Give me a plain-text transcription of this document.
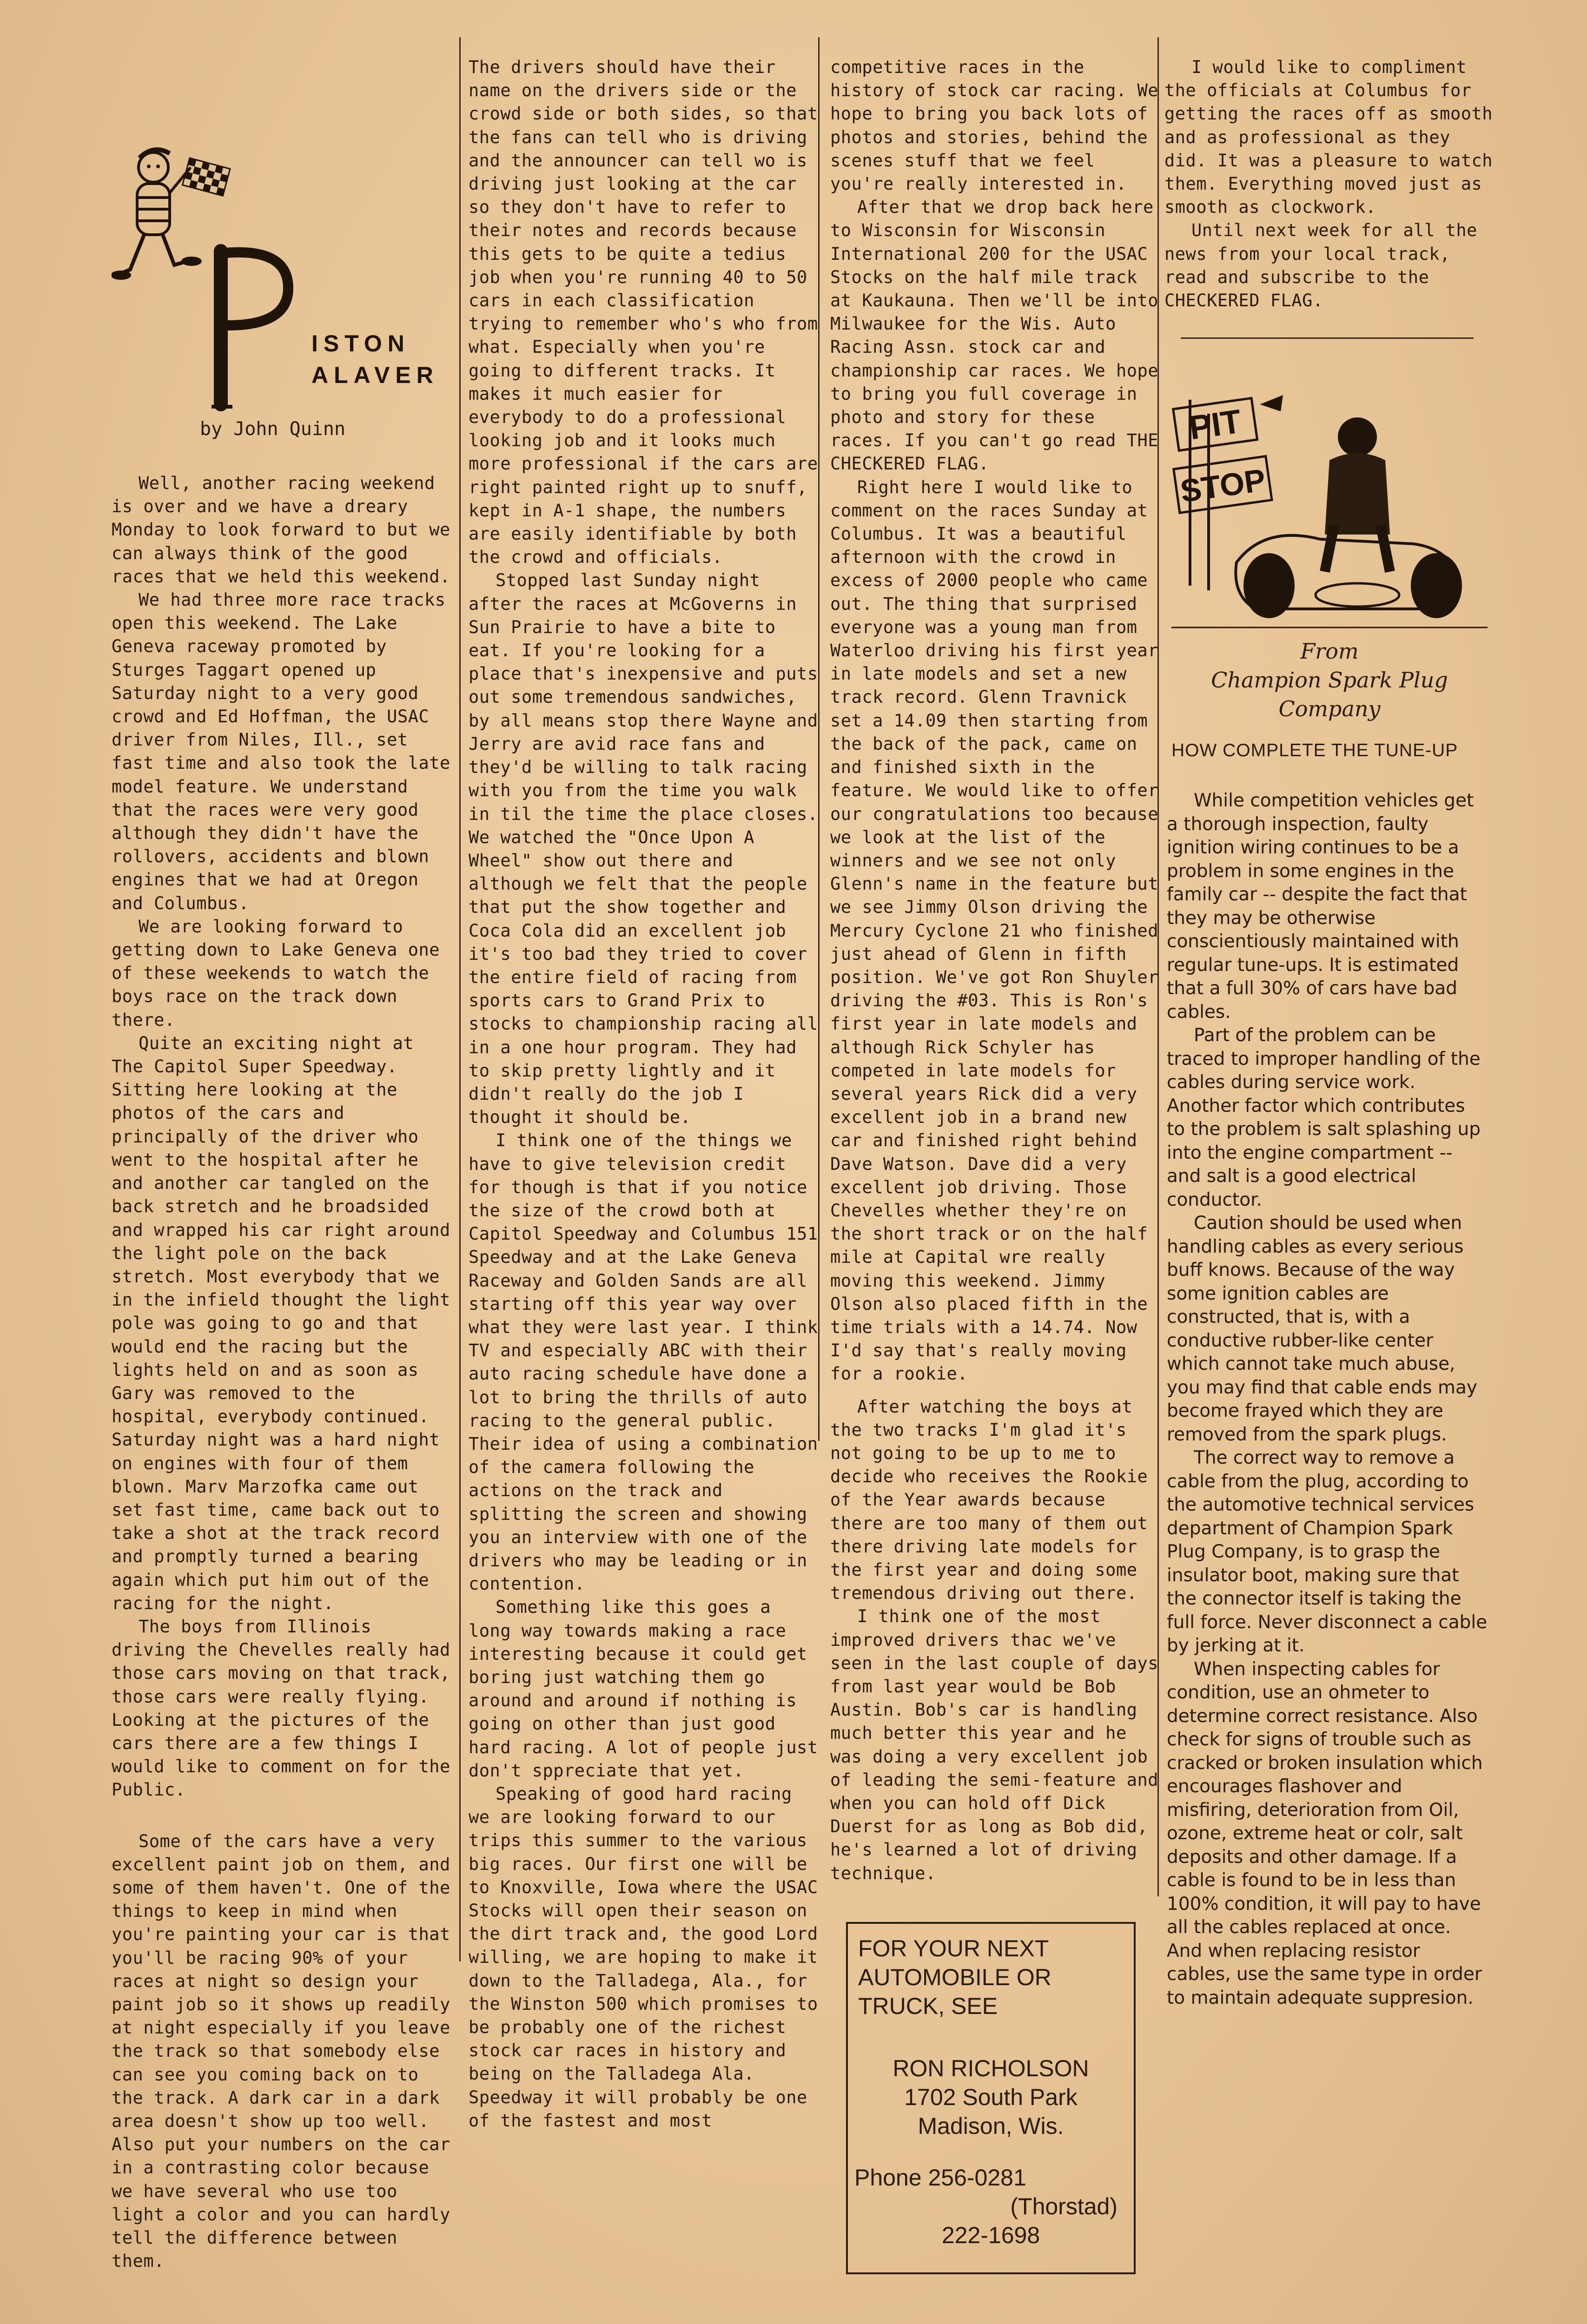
ISTON
ALAVER
by John Quinn

Well, another racing weekend is over and we have a dreary Monday to look forward to but we can always think of the good races that we held this weekend.

We had three more race tracks open this weekend. The Lake Geneva raceway promoted by Sturges Taggart opened up Saturday night to a very good crowd and Ed Hoffman, the USAC driver from Niles, Ill., set fast time and also took the late model feature. We understand that the races were very good although they didn't have the rollovers, accidents and blown engines that we had at Oregon and Columbus.

We are looking forward to getting down to Lake Geneva one of these weekends to watch the boys race on the track down there.

Quite an exciting night at The Capitol Super Speedway. Sitting here looking at the photos of the cars and principally of the driver who went to the hospital after he and another car tangled on the back stretch and he broadsided and wrapped his car right around the light pole on the back stretch. Most everybody that we in the infield thought the light pole was going to go and that would end the racing but the lights held on and as soon as Gary was removed to the hospital, everybody continued. Saturday night was a hard night on engines with four of them blown. Marv Marzofka came out set fast time, came back out to take a shot at the track record and promptly turned a bearing again which put him out of the racing for the night.

The boys from Illinois driving the Chevelles really had those cars moving on that track, those cars were really flying. Looking at the pictures of the cars there are a few things I would like to comment on for the Public.

Some of the cars have a very excellent paint job on them, and some of them haven't. One of the things to keep in mind when you're painting your car is that you'll be racing 90% of your races at night so design your paint job so it shows up readily at night especially if you leave the track so that somebody else can see you coming back on to the track. A dark car in a dark area doesn't show up too well. Also put your numbers on the car in a contrasting color because we have several who use too light a color and you can hardly tell the difference between them.

The drivers should have their name on the drivers side or the crowd side or both sides, so that the fans can tell who is driving and the announcer can tell wo is driving just looking at the car so they don't have to refer to their notes and records because this gets to be quite a tedius job when you're running 40 to 50 cars in each classification trying to remember who's who from what. Especially when you're going to different tracks. It makes it much easier for everybody to do a professional looking job and it looks much more professional if the cars are right painted right up to snuff, kept in A-1 shape, the numbers are easily identifiable by both the crowd and officials.

Stopped last Sunday night after the races at McGoverns in Sun Prairie to have a bite to eat. If you're looking for a place that's inexpensive and puts out some tremendous sandwiches, by all means stop there Wayne and Jerry are avid race fans and they'd be willing to talk racing with you from the time you walk in til the time the place closes. We watched the "Once Upon A Wheel" show out there and although we felt that the people that put the show together and Coca Cola did an excellent job it's too bad they tried to cover the entire field of racing from sports cars to Grand Prix to stocks to championship racing all in a one hour program. They had to skip pretty lightly and it didn't really do the job I thought it should be.

I think one of the things we have to give television credit for though is that if you notice the size of the crowd both at Capitol Speedway and Columbus 151 Speedway and at the Lake Geneva Raceway and Golden Sands are all starting off this year way over what they were last year. I think TV and especially ABC with their auto racing schedule have done a lot to bring the thrills of auto racing to the general public. Their idea of using a combination of the camera following the actions on the track and splitting the screen and showing you an interview with one of the drivers who may be leading or in contention.

Something like this goes a long way towards making a race interesting because it could get boring just watching them go around and around if nothing is going on other than just good hard racing. A lot of people just don't sppreciate that yet.

Speaking of good hard racing we are looking forward to our trips this summer to the various big races. Our first one will be to Knoxville, Iowa where the USAC Stocks will open their season on the dirt track and, the good Lord willing, we are hoping to make it down to the Talladega, Ala., for the Winston 500 which promises to be probably one of the richest stock car races in history and being on the Talladega Ala. Speedway it will probably be one of the fastest and most

competitive races in the history of stock car racing. We hope to bring you back lots of photos and stories, behind the scenes stuff that we feel you're really interested in.

After that we drop back here to Wisconsin for Wisconsin International 200 for the USAC Stocks on the half mile track at Kaukauna. Then we'll be into Milwaukee for the Wis. Auto Racing Assn. stock car and championship car races. We hope to bring you full coverage in photo and story for these races. If you can't go read THE CHECKERED FLAG.

Right here I would like to comment on the races Sunday at Columbus. It was a beautiful afternoon with the crowd in excess of 2000 people who came out. The thing that surprised everyone was a young man from Waterloo driving his first year in late models and set a new track record. Glenn Travnick set a 14.09 then starting from the back of the pack, came on and finished sixth in the feature. We would like to offer our congratulations too because we look at the list of the winners and we see not only Glenn's name in the feature but we see Jimmy Olson driving the Mercury Cyclone 21 who finished just ahead of Glenn in fifth position. We've got Ron Shuyler driving the #03. This is Ron's first year in late models and although Rick Schyler has competed in late models for several years Rick did a very excellent job in a brand new car and finished right behind Dave Watson. Dave did a very excellent job driving. Those Chevelles whether they're on the short track or on the half mile at Capital wre really moving this weekend. Jimmy Olson also placed fifth in the time trials with a 14.74. Now I'd say that's really moving for a rookie.

After watching the boys at the two tracks I'm glad it's not going to be up to me to decide who receives the Rookie of the Year awards because there are too many of them out there driving late models for the first year and doing some tremendous driving out there.

I think one of the most improved drivers thac we've seen in the last couple of days from last year would be Bob Austin. Bob's car is handling much better this year and he was doing a very excellent job of leading the semi-feature and when you can hold off Dick Duerst for as long as Bob did, he's learned a lot of driving technique.

I would like to compliment the officials at Columbus for getting the races off as smooth and as professional as they did. It was a pleasure to watch them. Everything moved just as smooth as clockwork.

Until next week for all the news from your local track, read and subscribe to the CHECKERED FLAG.

PIT
STOP
From
Champion Spark Plug
Company
HOW COMPLETE THE TUNE-UP

While competition vehicles get a thorough inspection, faulty ignition wiring continues to be a problem in some engines in the family car -- despite the fact that they may be otherwise conscientiously maintained with regular tune-ups. It is estimated that a full 30% of cars have bad cables.

Part of the problem can be traced to improper handling of the cables during service work. Another factor which contributes to the problem is salt splashing up into the engine compartment -- and salt is a good electrical conductor.

Caution should be used when handling cables as every serious buff knows. Because of the way some ignition cables are constructed, that is, with a conductive rubber-like center which cannot take much abuse, you may find that cable ends may become frayed which they are removed from the spark plugs.

The correct way to remove a cable from the plug, according to the automotive technical services department of Champion Spark Plug Company, is to grasp the insulator boot, making sure that the connector itself is taking the full force. Never disconnect a cable by jerking at it.

When inspecting cables for condition, use an ohmeter to determine correct resistance. Also check for signs of trouble such as cracked or broken insulation which encourages flashover and misfiring, deterioration from Oil, ozone, extreme heat or colr, salt deposits and other damage. If a cable is found to be in less than 100% condition, it will pay to have all the cables replaced at once. And when replacing resistor cables, use the same type in order to maintain adequate suppresion.

FOR YOUR NEXT
AUTOMOBILE OR
TRUCK, SEE
RON RICHOLSON
1702 South Park
Madison, Wis.
Phone 256-0281
(Thorstad)
222-1698
